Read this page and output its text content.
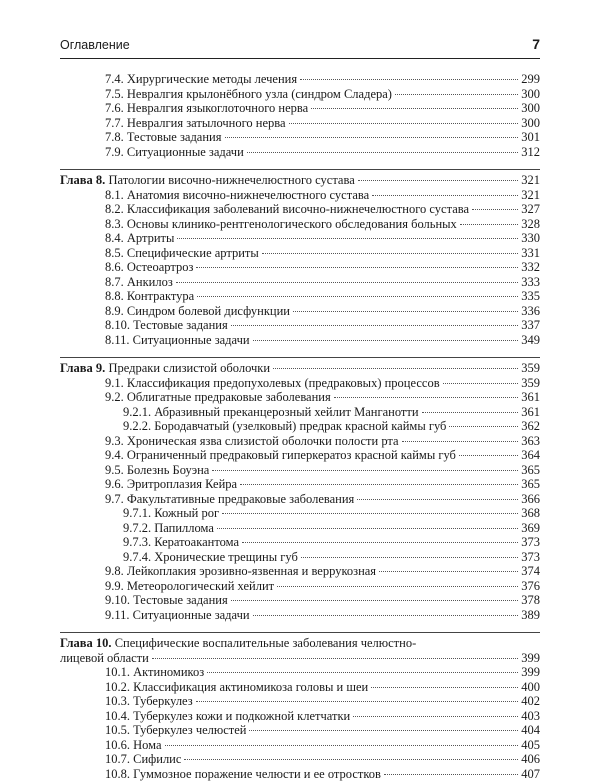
Оглавление	7
7.4. Хирургические методы лечения	299
7.5. Невралгия крылонёбного узла (синдром Сладера)	300
7.6. Невралгия языкоглоточного нерва	300
7.7. Невралгия затылочного нерва	300
7.8. Тестовые задания	301
7.9. Ситуационные задачи	312
Глава 8. Патологии височно-нижнечелюстного сустава	321
8.1. Анатомия височно-нижнечелюстного сустава	321
8.2. Классификация заболеваний височно-нижнечелюстного сустава	327
8.3. Основы клинико-рентгенологического обследования больных	328
8.4. Артриты	330
8.5. Специфические артриты	331
8.6. Остеоартроз	332
8.7. Анкилоз	333
8.8. Контрактура	335
8.9. Синдром болевой дисфункции	336
8.10. Тестовые задания	337
8.11. Ситуационные задачи	349
Глава 9. Предраки слизистой оболочки	359
9.1. Классификация предопухолевых (предраковых) процессов	359
9.2. Облигатные предраковые заболевания	361
9.2.1. Абразивный преканцерозный хейлит Манганотти	361
9.2.2. Бородавчатый (узелковый) предрак красной каймы губ	362
9.3. Хроническая язва слизистой оболочки полости рта	363
9.4. Ограниченный предраковый гиперкератоз красной каймы губ	364
9.5. Болезнь Боуэна	365
9.6. Эритроплазия Кейра	365
9.7. Факультативные предраковые заболевания	366
9.7.1. Кожный рог	368
9.7.2. Папиллома	369
9.7.3. Кератоакантома	373
9.7.4. Хронические трещины губ	373
9.8. Лейкоплакия эрозивно-язвенная и веррукозная	374
9.9. Метеорологический хейлит	376
9.10. Тестовые задания	378
9.11. Ситуационные задачи	389
Глава 10. Специфические воспалительные заболевания челюстно-
лицевой области	399
10.1. Актиномикоз	399
10.2. Классификация актиномикоза головы и шеи	400
10.3. Туберкулез	402
10.4. Туберкулез кожи и подкожной клетчатки	403
10.5. Туберкулез челюстей	404
10.6. Нома	405
10.7. Сифилис	406
10.8. Гуммозное поражение челюсти и ее отростков	407
